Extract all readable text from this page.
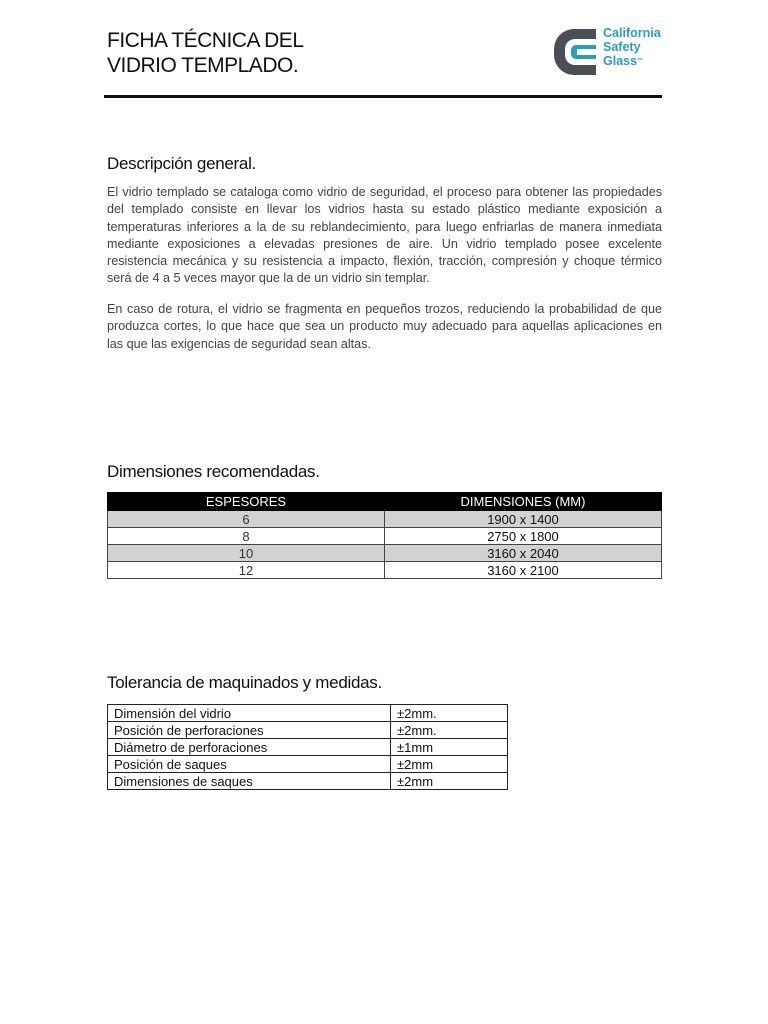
FICHA TÉCNICA DEL
VIDRIO TEMPLADO.
California
Safety
Glass™
Descripción general.

El vidrio templado se cataloga como vidrio de seguridad, el proceso para obtener las propiedades del templado consiste en llevar los vidrios hasta su estado plástico mediante exposición a temperaturas inferiores a la de su reblandecimiento, para luego enfriarlas de manera inmediata mediante exposiciones a elevadas presiones de aire. Un vidrio templado posee excelente resistencia mecánica y su resistencia a impacto, flexión, tracción, compresión y choque térmico será de 4 a 5 veces mayor que la de un vidrio sin templar.

En caso de rotura, el vidrio se fragmenta en pequeños trozos, reduciendo la probabilidad de que produzca cortes, lo que hace que sea un producto muy adecuado para aquellas aplicaciones en las que las exigencias de seguridad sean altas.

Dimensiones recomendadas.
ESPESORES	DIMENSIONES (MM)
6	1900 x 1400
8	2750 x 1800
10	3160 x 2040
12	3160 x 2100
Tolerancia de maquinados y medidas.
Dimensión del vidrio	±2mm.
Posición de perforaciones	±2mm.
Diámetro de perforaciones	±1mm
Posición de saques	±2mm
Dimensiones de saques	±2mm
